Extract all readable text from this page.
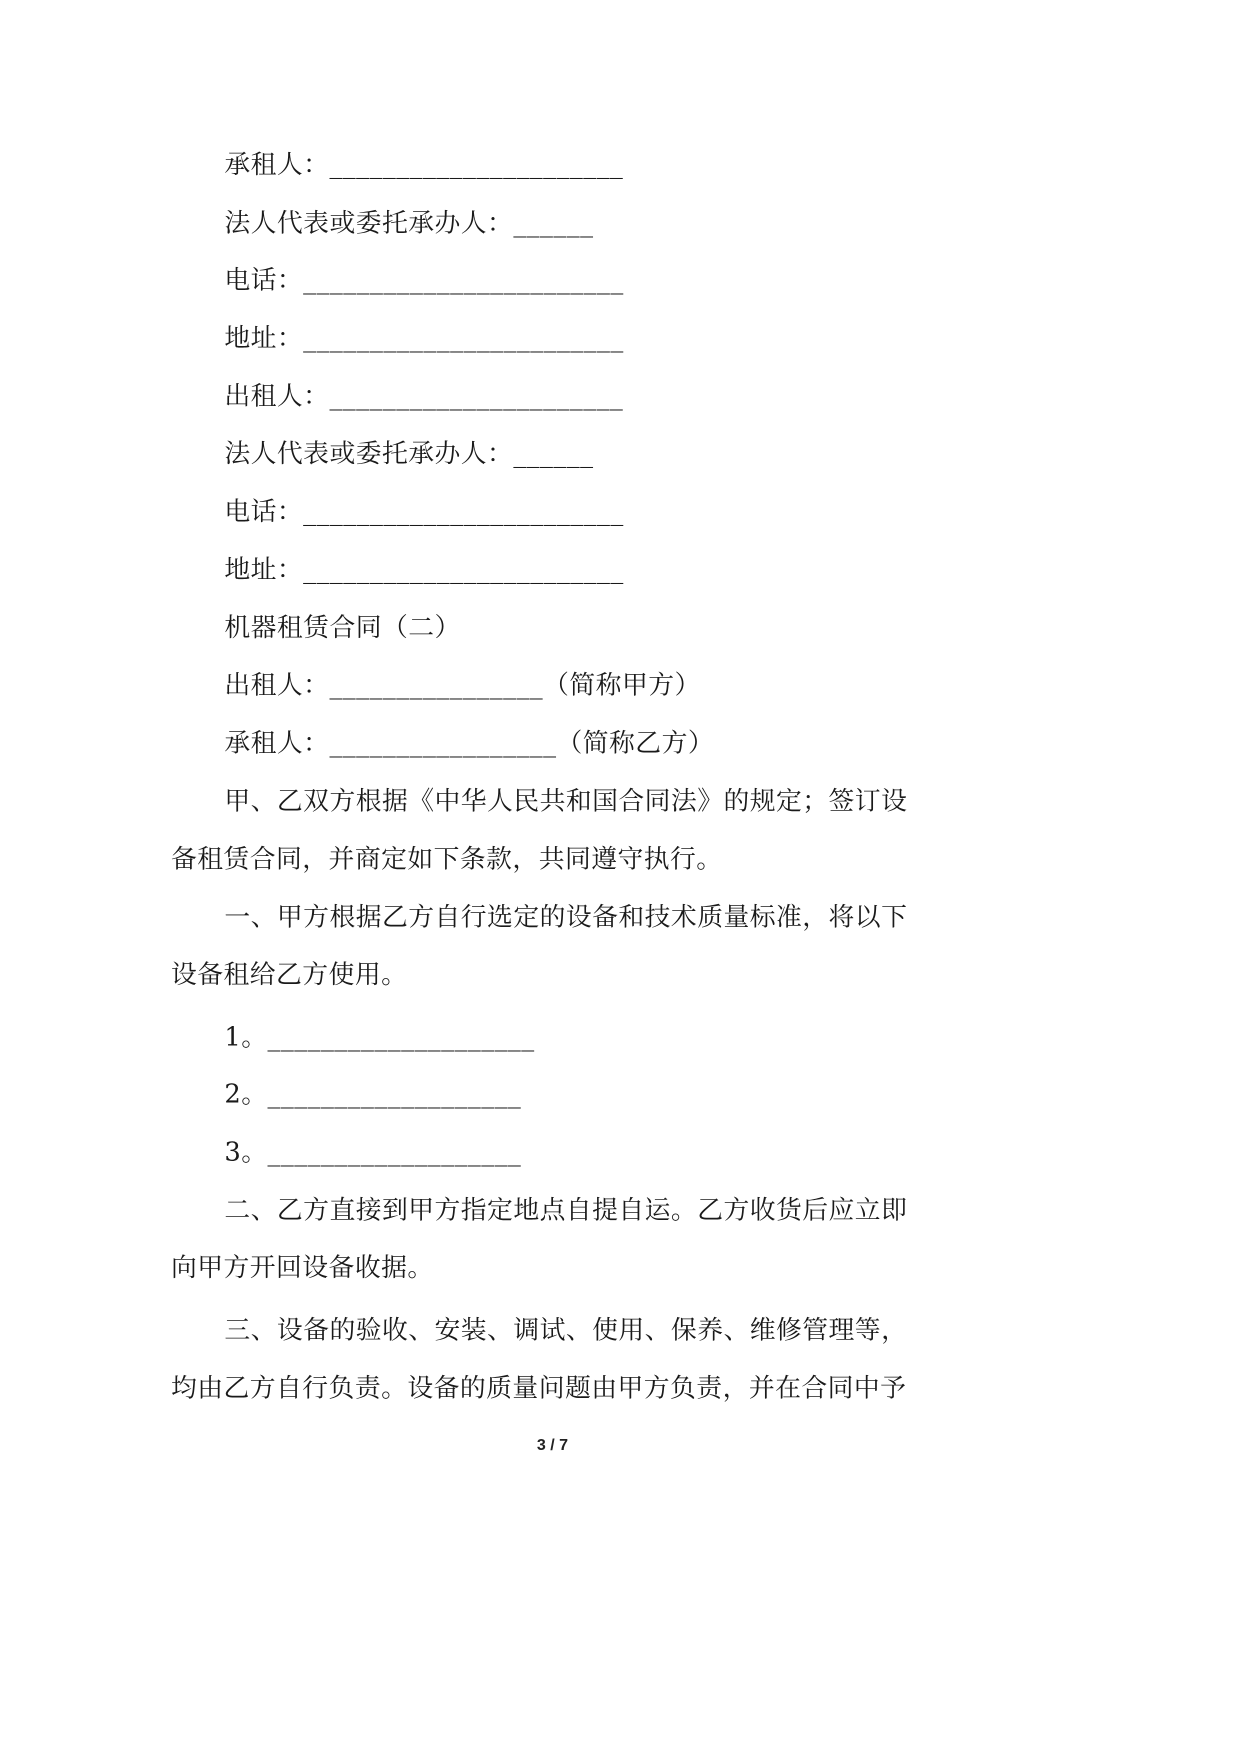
承租人：______________________
法人代表或委托承办人：______
电话：________________________
地址：________________________
出租人：______________________
法人代表或委托承办人：______
电话：________________________
地址：________________________
机器租赁合同（二）
出租人：________________（简称甲方）
承租人：_________________（简称乙方）
甲、乙双方根据《中华人民共和国合同法》的规定；签订设
备租赁合同，并商定如下条款，共同遵守执行。
一、甲方根据乙方自行选定的设备和技术质量标准，将以下
设备租给乙方使用。
1。____________________
2。___________________
3。___________________
二、乙方直接到甲方指定地点自提自运。乙方收货后应立即
向甲方开回设备收据。
三、设备的验收、安装、调试、使用、保养、维修管理等，
均由乙方自行负责。设备的质量问题由甲方负责，并在合同中予
3 / 7
